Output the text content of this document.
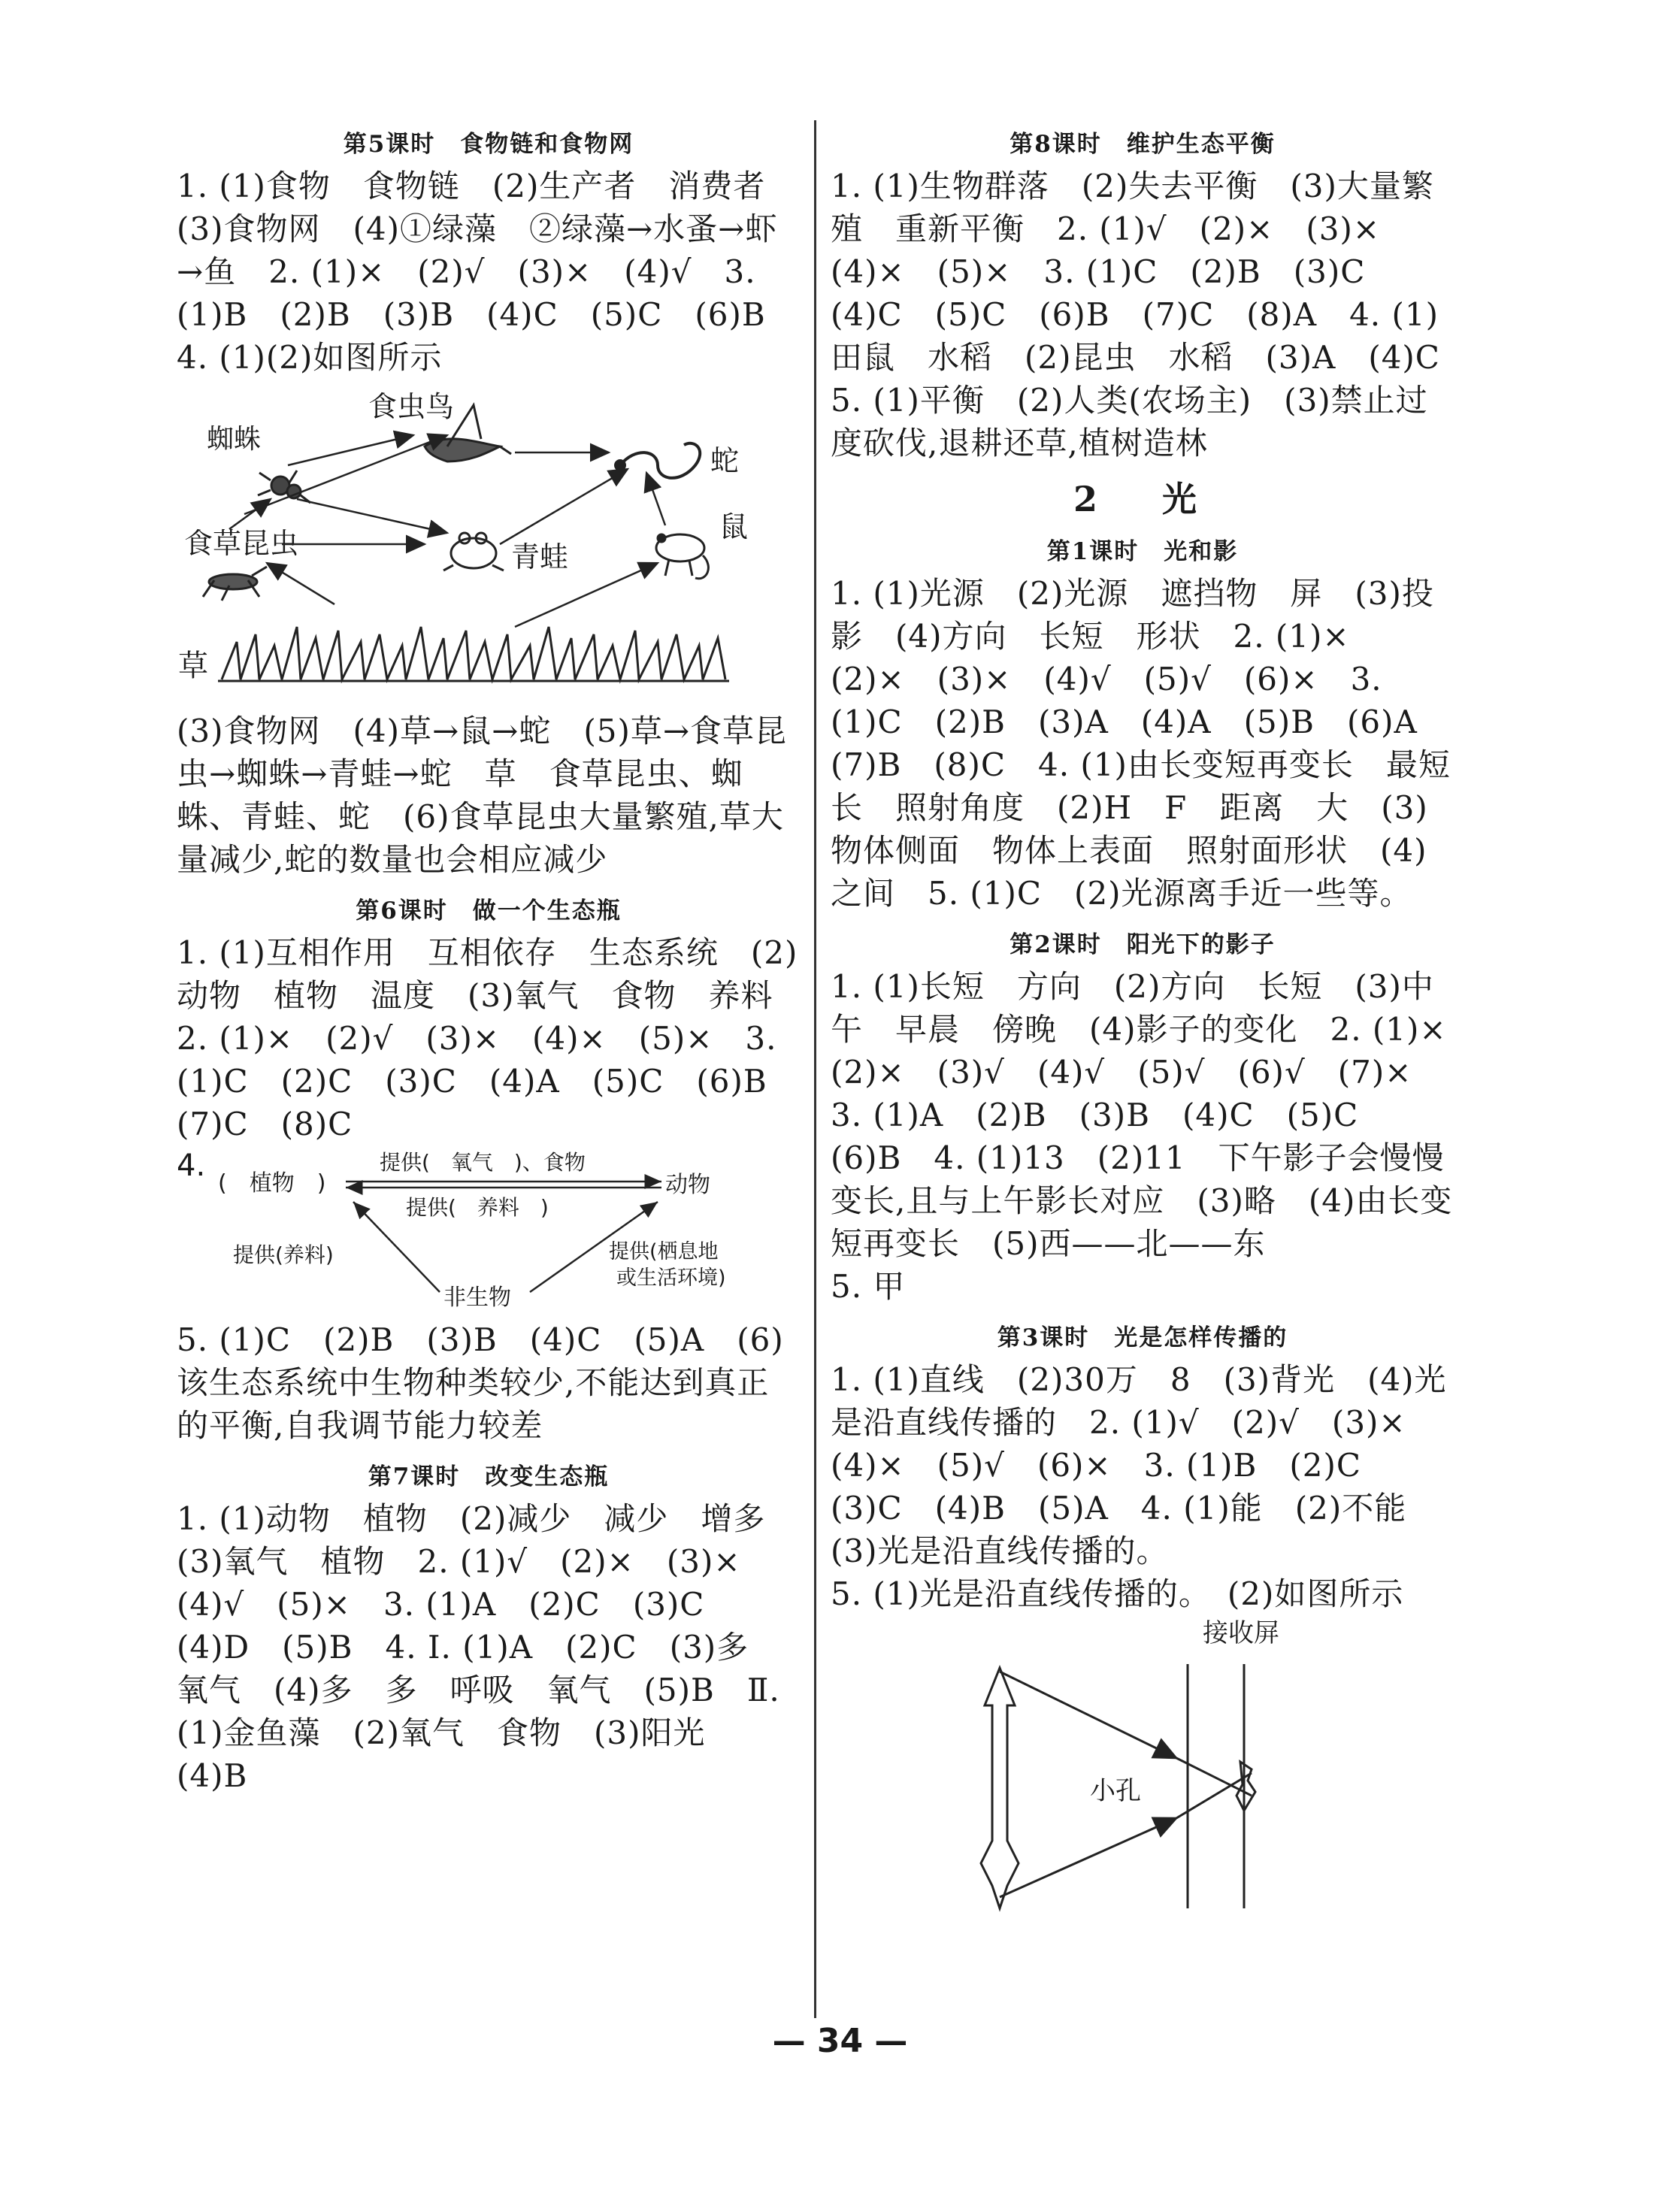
第5课时　食物链和食物网

1. (1)食物　食物链　(2)生产者　消费者　(3)食物网　(4)①绿藻　②绿藻→水蚤→虾→鱼　2. (1)×　(2)√　(3)×　(4)√　3. (1)B　(2)B　(3)B　(4)C　(5)C　(6)B

4. (1)(2)如图所示

食虫鸟
蜘蛛
蛇
食草昆虫	青蛙
鼠
草

(3)食物网　(4)草→鼠→蛇　(5)草→食草昆虫→蜘蛛→青蛙→蛇　草　食草昆虫、蜘蛛、青蛙、蛇　(6)食草昆虫大量繁殖,草大量减少,蛇的数量也会相应减少

第6课时　做一个生态瓶

1. (1)互相作用　互相依存　生态系统　(2)动物　植物　温度　(3)氧气　食物　养料　2. (1)×　(2)√　(3)×　(4)×　(5)×　3. (1)C　(2)C　(3)C　(4)A　(5)C　(6)B　(7)C　(8)C

4.
(　植物　)	动物
提供(　氧气　)、食物
提供(　养料　)
提供(养料)	提供(栖息地
或生活环境)
非生物

5. (1)C　(2)B　(3)B　(4)C　(5)A　(6)该生态系统中生物种类较少,不能达到真正的平衡,自我调节能力较差

第7课时　改变生态瓶

1. (1)动物　植物　(2)减少　减少　增多　(3)氧气　植物　2. (1)√　(2)×　(3)×　(4)√　(5)×　3. (1)A　(2)C　(3)C　(4)D　(5)B　4. Ⅰ. (1)A　(2)C　(3)多　氧气　(4)多　多　呼吸　氧气　(5)B　Ⅱ. (1)金鱼藻　(2)氧气　食物　(3)阳光　(4)B

第8课时　维护生态平衡

1. (1)生物群落　(2)失去平衡　(3)大量繁殖　重新平衡　2. (1)√　(2)×　(3)×　(4)×　(5)×　3. (1)C　(2)B　(3)C　(4)C　(5)C　(6)B　(7)C　(8)A　4. (1)田鼠　水稻　(2)昆虫　水稻　(3)A　(4)C　5. (1)平衡　(2)人类(农场主)　(3)禁止过度砍伐,退耕还草,植树造林

2　光
第1课时　光和影

1. (1)光源　(2)光源　遮挡物　屏　(3)投影　(4)方向　长短　形状　2. (1)×　(2)×　(3)×　(4)√　(5)√　(6)×　3. (1)C　(2)B　(3)A　(4)A　(5)B　(6)A　(7)B　(8)C　4. (1)由长变短再变长　最短　长　照射角度　(2)H　F　距离　大　(3)物体侧面　物体上表面　照射面形状　(4)之间　5. (1)C　(2)光源离手近一些等。

第2课时　阳光下的影子

1. (1)长短　方向　(2)方向　长短　(3)中午　早晨　傍晚　(4)影子的变化　2. (1)×　(2)×　(3)√　(4)√　(5)√　(6)√　(7)×　3. (1)A　(2)B　(3)B　(4)C　(5)C　(6)B　4. (1)13　(2)11　下午影子会慢慢变长,且与上午影长对应　(3)略　(4)由长变短再变长　(5)西——北——东

5. 甲

第3课时　光是怎样传播的

1. (1)直线　(2)30万　8　(3)背光　(4)光是沿直线传播的　2. (1)√　(2)√　(3)×　(4)×　(5)√　(6)×　3. (1)B　(2)C　(3)C　(4)B　(5)A　4. (1)能　(2)不能　(3)光是沿直线传播的。

5. (1)光是沿直线传播的。　(2)如图所示

接收屏
小孔
— 34 —
